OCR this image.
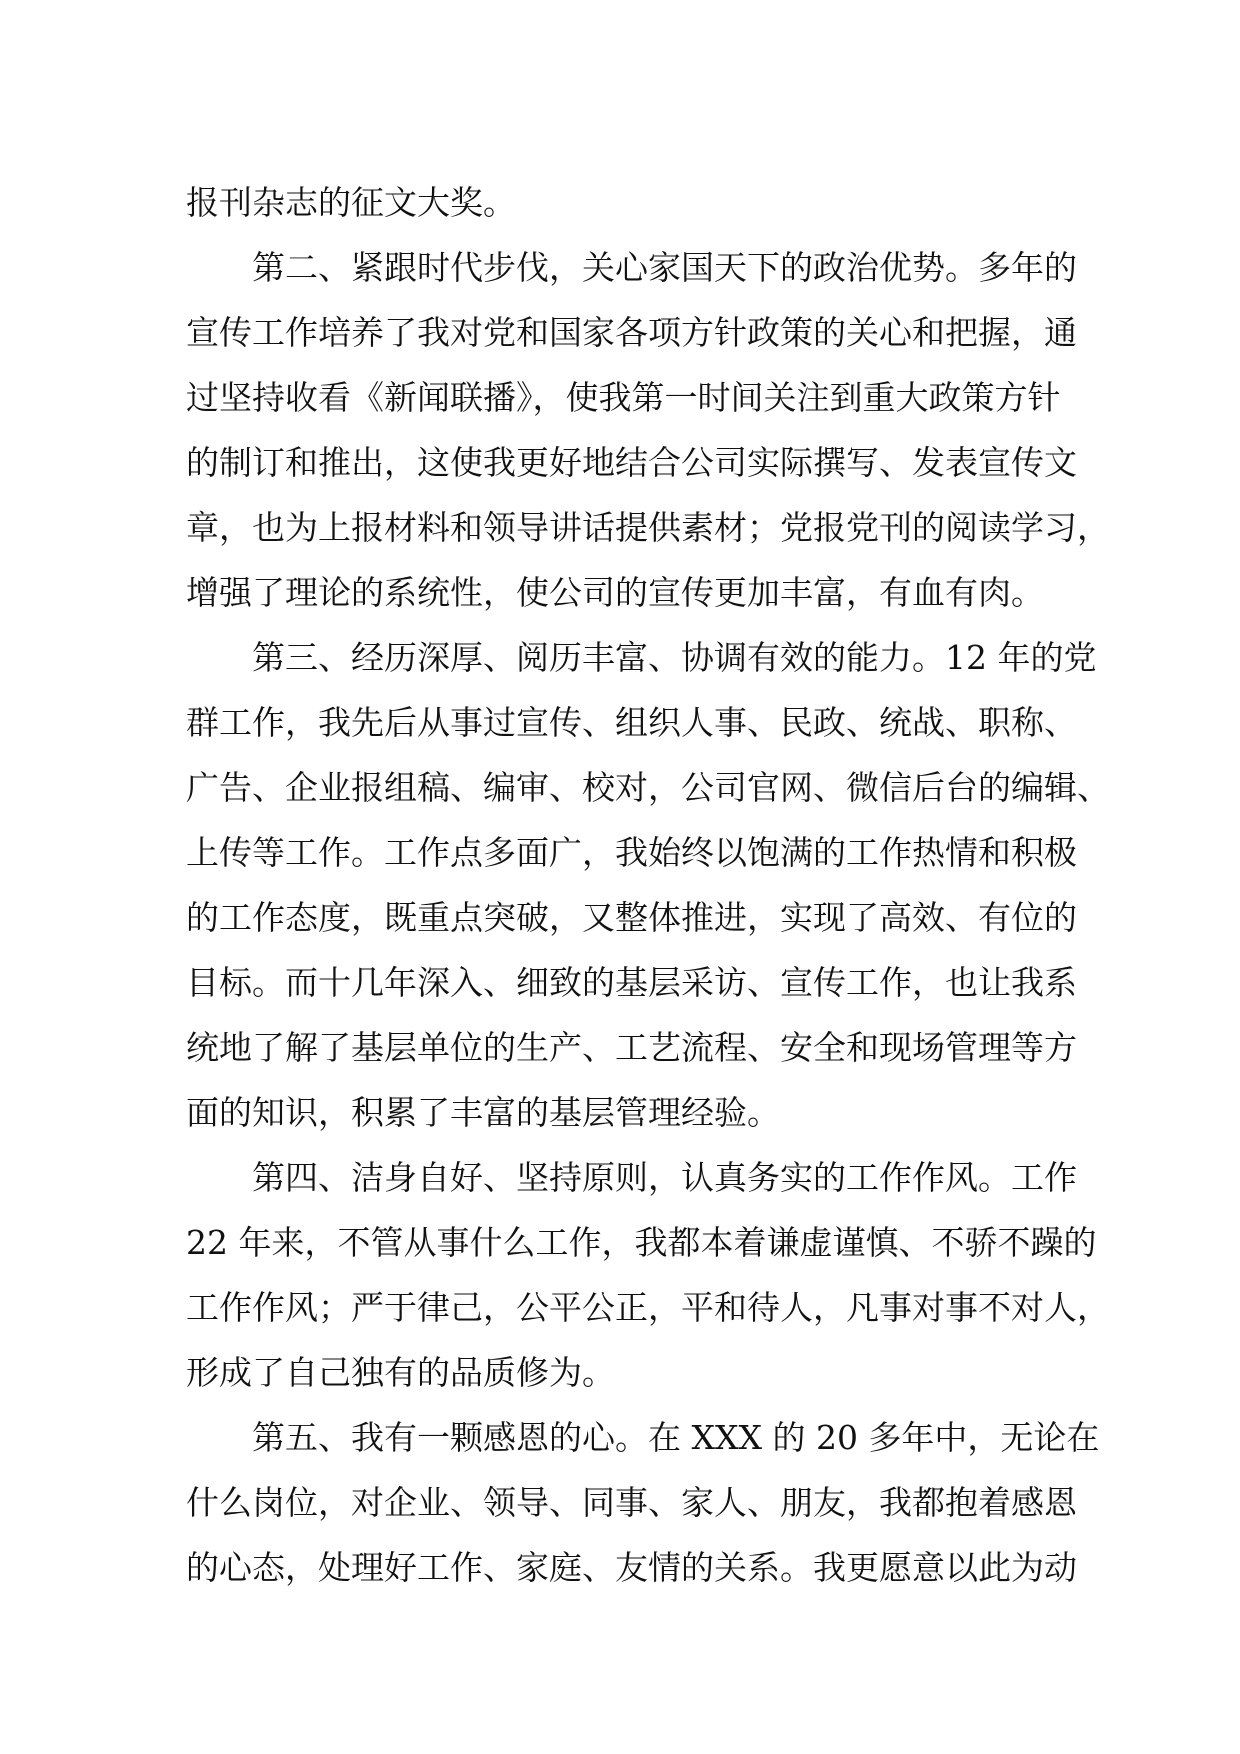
报刊杂志的征文大奖。
第二、紧跟时代步伐，关心家国天下的政治优势。多年的
宣传工作培养了我对党和国家各项方针政策的关心和把握，通
过坚持收看《新闻联播》，使我第一时间关注到重大政策方针
的制订和推出，这使我更好地结合公司实际撰写、发表宣传文
章，也为上报材料和领导讲话提供素材；党报党刊的阅读学习，
增强了理论的系统性，使公司的宣传更加丰富，有血有肉。
第三、经历深厚、阅历丰富、协调有效的能力。12 年的党
群工作，我先后从事过宣传、组织人事、民政、统战、职称、
广告、企业报组稿、编审、校对，公司官网、微信后台的编辑、
上传等工作。工作点多面广，我始终以饱满的工作热情和积极
的工作态度，既重点突破，又整体推进，实现了高效、有位的
目标。而十几年深入、细致的基层采访、宣传工作，也让我系
统地了解了基层单位的生产、工艺流程、安全和现场管理等方
面的知识，积累了丰富的基层管理经验。
第四、洁身自好、坚持原则，认真务实的工作作风。工作
22 年来，不管从事什么工作，我都本着谦虚谨慎、不骄不躁的
工作作风；严于律己，公平公正，平和待人，凡事对事不对人，
形成了自己独有的品质修为。
第五、我有一颗感恩的心。在 XXX 的 20 多年中，无论在
什么岗位，对企业、领导、同事、家人、朋友，我都抱着感恩
的心态，处理好工作、家庭、友情的关系。我更愿意以此为动
